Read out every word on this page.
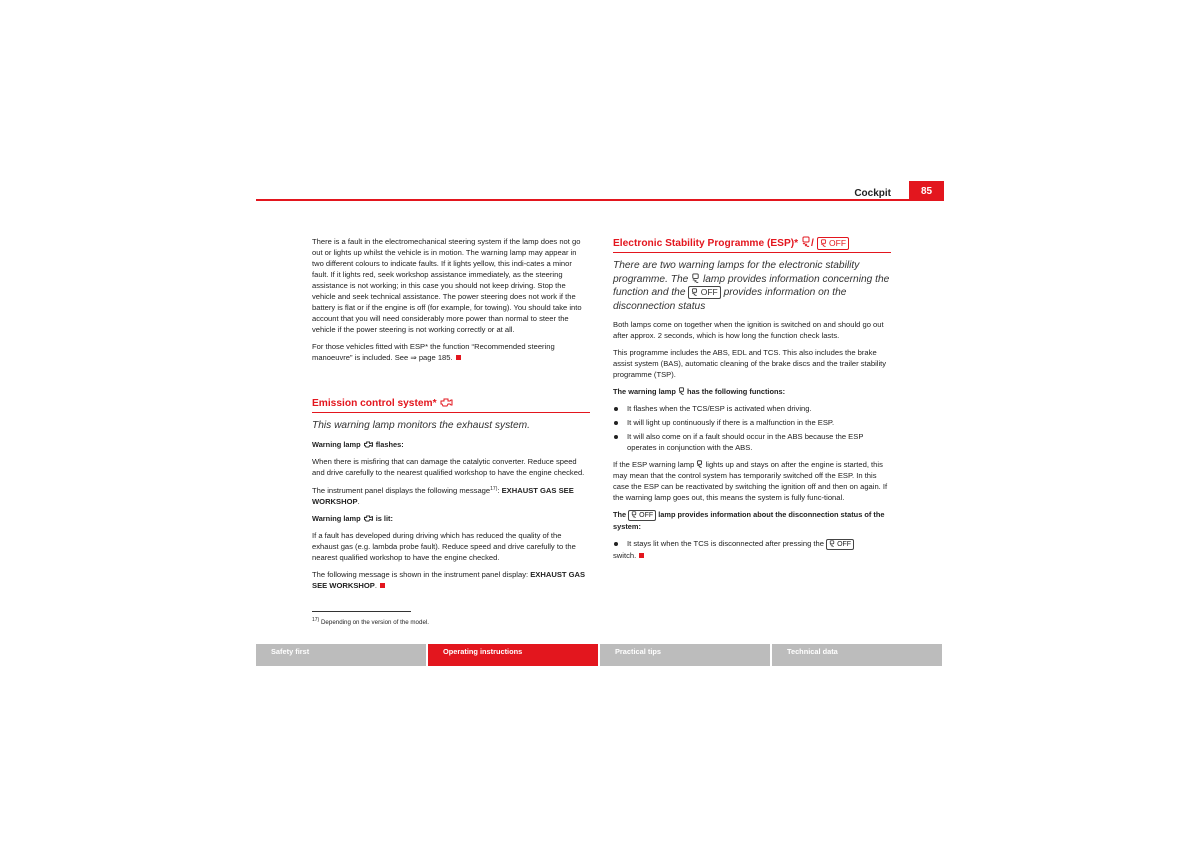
Cockpit	85

There is a fault in the electromechanical steering system if the lamp does not go out or lights up whilst the vehicle is in motion. The warning lamp may appear in two different colours to indicate faults. If it lights yellow, this indi-cates a minor fault. If it lights red, seek workshop assistance immediately, as the steering assistance is not working; in this case you should not keep driving. Stop the vehicle and seek technical assistance. The power steering does not work if the battery is flat or if the engine is off (for example, for towing). You should take into account that you will need considerably more power than normal to steer the vehicle if the power steering is not working correctly or at all.

For those vehicles fitted with ESP* the function “Recommended steering manoeuvre” is included. See ⇒ page 185.

Emission control system*

This warning lamp monitors the exhaust system.

Warning lamp flashes:

When there is misfiring that can damage the catalytic converter. Reduce speed and drive carefully to the nearest qualified workshop to have the engine checked.

The instrument panel displays the following message$^{17)}$: EXHAUST GAS SEE WORKSHOP.

Warning lamp is lit:

If a fault has developed during driving which has reduced the quality of the exhaust gas (e.g. lambda probe fault). Reduce speed and drive carefully to the nearest qualified workshop to have the engine checked.

The following message is shown in the instrument panel display: EXHAUST GAS SEE WORKSHOP.

$^{17)}$ Depending on the version of the model.
Electronic Stability Programme (ESP)* / OFF

There are two warning lamps for the electronic stability programme. The lamp provides information concerning the function and the OFF provides information on the disconnection status

Both lamps come on together when the ignition is switched on and should go out after approx. 2 seconds, which is how long the function check lasts.

This programme includes the ABS, EDL and TCS. This also includes the brake assist system (BAS), automatic cleaning of the brake discs and the trailer stability programme (TSP).

The warning lamp has the following functions:

It flashes when the TCS/ESP is activated when driving.
It will light up continuously if there is a malfunction in the ESP.
It will also come on if a fault should occur in the ABS because the ESP operates in conjunction with the ABS.

If the ESP warning lamp lights up and stays on after the engine is started, this may mean that the control system has temporarily switched off the ESP. In this case the ESP can be reactivated by switching the ignition off and then on again. If the warning lamp goes out, this means the system is fully func-tional.

The OFF lamp provides information about the disconnection status of the system:

It stays lit when the TCS is disconnected after pressing the OFF

switch.

Safety first	Operating instructions	Practical tips	Technical data
